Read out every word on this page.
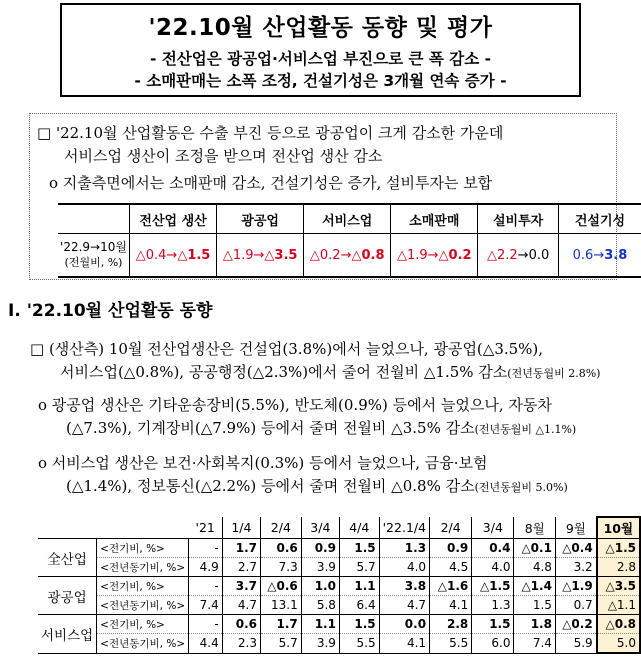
'22.10월 산업활동 동향 및 평가
- 전산업은 광공업·서비스업 부진으로 큰 폭 감소 -
- 소매판매는 소폭 조정, 건설기성은 3개월 연속 증가 -
□ '22.10월 산업활동은 수출 부진 등으로 광공업이 크게 감소한 가운데
서비스업 생산이 조정을 받으며 전산업 생산 감소
ο 지출측면에서는 소매판매 감소, 건설기성은 증가, 설비투자는 보합
	전산업 생산	광공업	서비스업	소매판매	설비투자	건설기성

'22.9→10월
(전월비, %)	△0.4→△1.5	△1.9→△3.5	△0.2→△0.8	△1.9→△0.2	△2.2→0.0	0.6→3.8
Ⅰ. '22.10월 산업활동 동향
□ (생산측) 10월 전산업생산은 건설업(3.8%)에서 늘었으나, 광공업(△3.5%),
서비스업(△0.8%), 공공행정(△2.3%)에서 줄어 전월비 △1.5% 감소(전년동월비 2.8%)
ο 광공업 생산은 기타운송장비(5.5%), 반도체(0.9%) 등에서 늘었으나, 자동차
(△7.3%), 기계장비(△7.9%) 등에서 줄며 전월비 △3.5% 감소(전년동월비 △1.1%)
ο 서비스업 생산은 보건·사회복지(0.3%) 등에서 늘었으나, 금융·보험
(△1.4%), 정보통신(△2.2%) 등에서 줄며 전월비 △0.8% 감소(전년동월비 5.0%)
		'21	1/4	2/4	3/4	4/4	'22.1/4	2/4	3/4	8월	9월	10월
全산업	<전기비, %>	-	1.7	0.6	0.9	1.5	1.3	0.9	0.4	△0.1	△0.4	△1.5
	<전년동기비, %>	4.9	2.7	7.3	3.9	5.7	4.0	4.5	4.0	4.8	3.2	2.8
광공업	<전기비, %>	-	3.7	△0.6	1.0	1.1	3.8	△1.6	△1.5	△1.4	△1.9	△3.5
	<전년동기비, %>	7.4	4.7	13.1	5.8	6.4	4.7	4.1	1.3	1.5	0.7	△1.1
서비스업	<전기비, %>	-	0.6	1.7	1.1	1.5	0.0	2.8	1.5	1.8	△0.2	△0.8
	<전년동기비, %>	4.4	2.3	5.7	3.9	5.5	4.1	5.5	6.0	7.4	5.9	5.0
